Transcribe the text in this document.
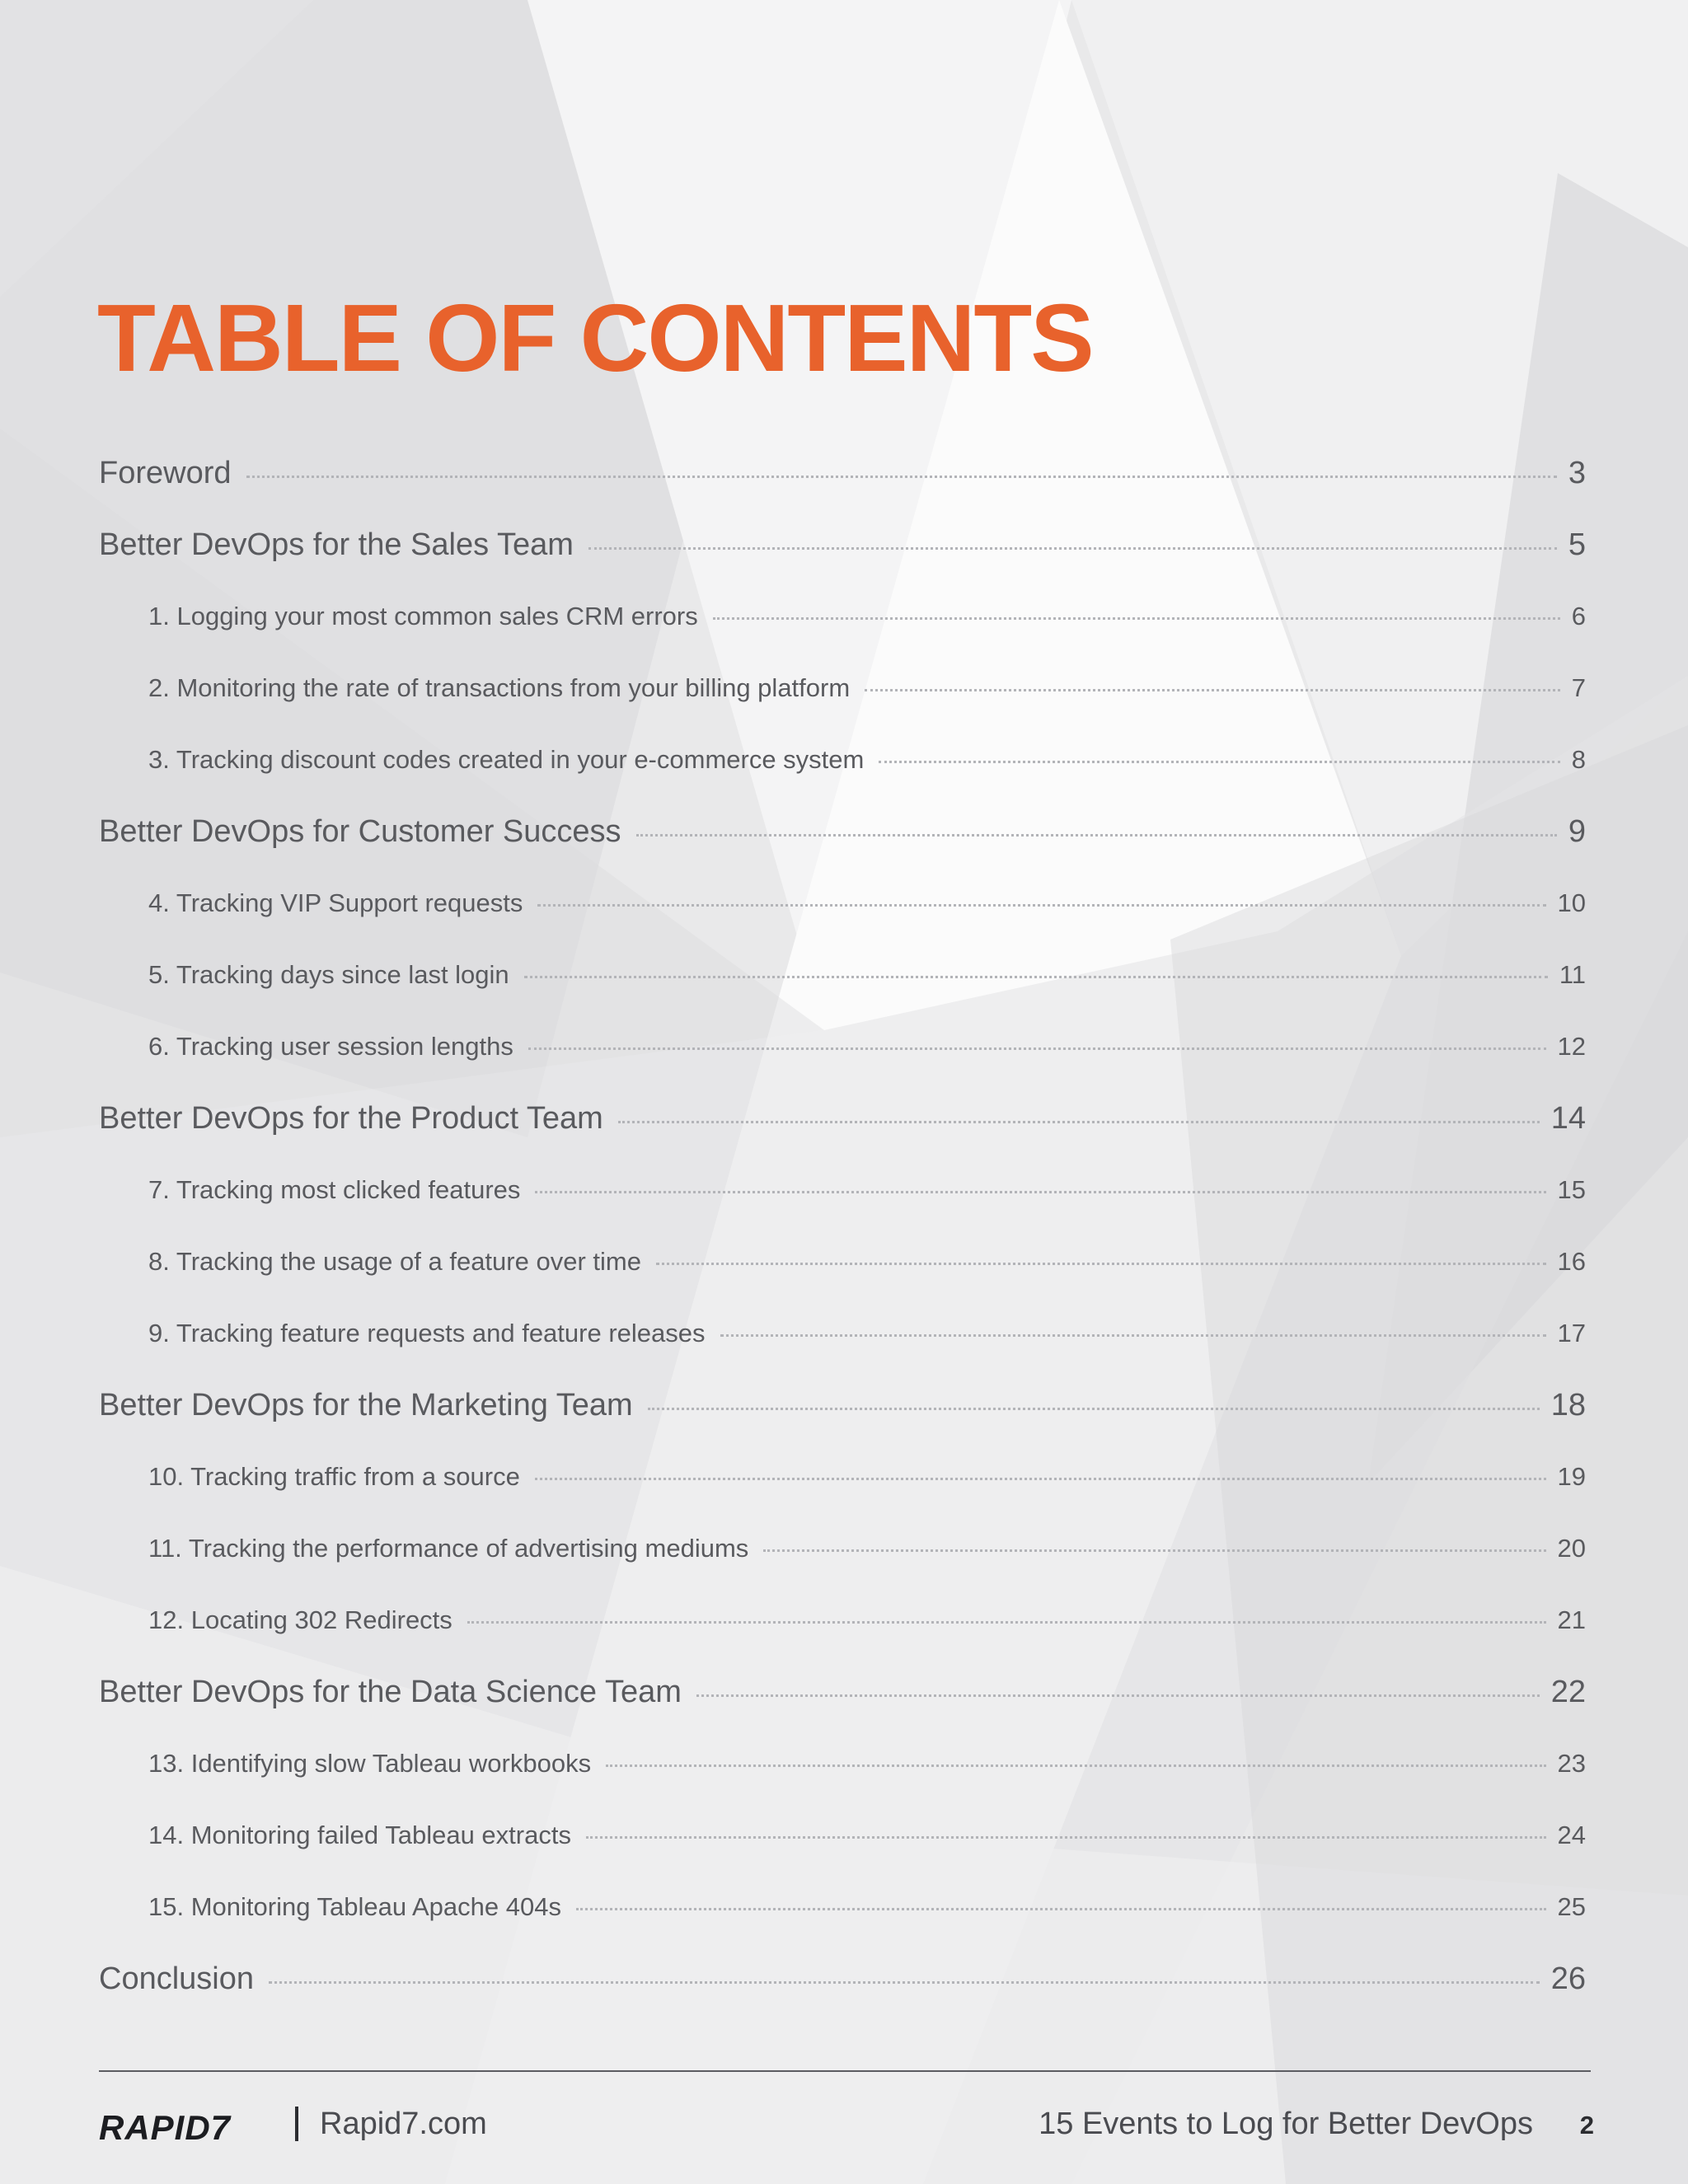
TABLE OF CONTENTS
Foreword	3
Better DevOps for the Sales Team	5
1. Logging your most common sales CRM errors	6
2. Monitoring the rate of transactions from your billing platform	7
3. Tracking discount codes created in your e-commerce system	8
Better DevOps for Customer Success	9
4. Tracking VIP Support requests	10
5. Tracking days since last login	11
6. Tracking user session lengths	12
Better DevOps for the Product Team	14
7. Tracking most clicked features	15
8. Tracking the usage of a feature over time	16
9. Tracking feature requests and feature releases	17
Better DevOps for the Marketing Team	18
10. Tracking traffic from a source	19
11. Tracking the performance of advertising mediums	20
12. Locating 302 Redirects	21
Better DevOps for the Data Science Team	22
13. Identifying slow Tableau workbooks	23
14. Monitoring failed Tableau extracts	24
15. Monitoring Tableau Apache 404s	25
Conclusion	26
RAPID7	Rapid7.com	15 Events to Log for Better DevOps 2
